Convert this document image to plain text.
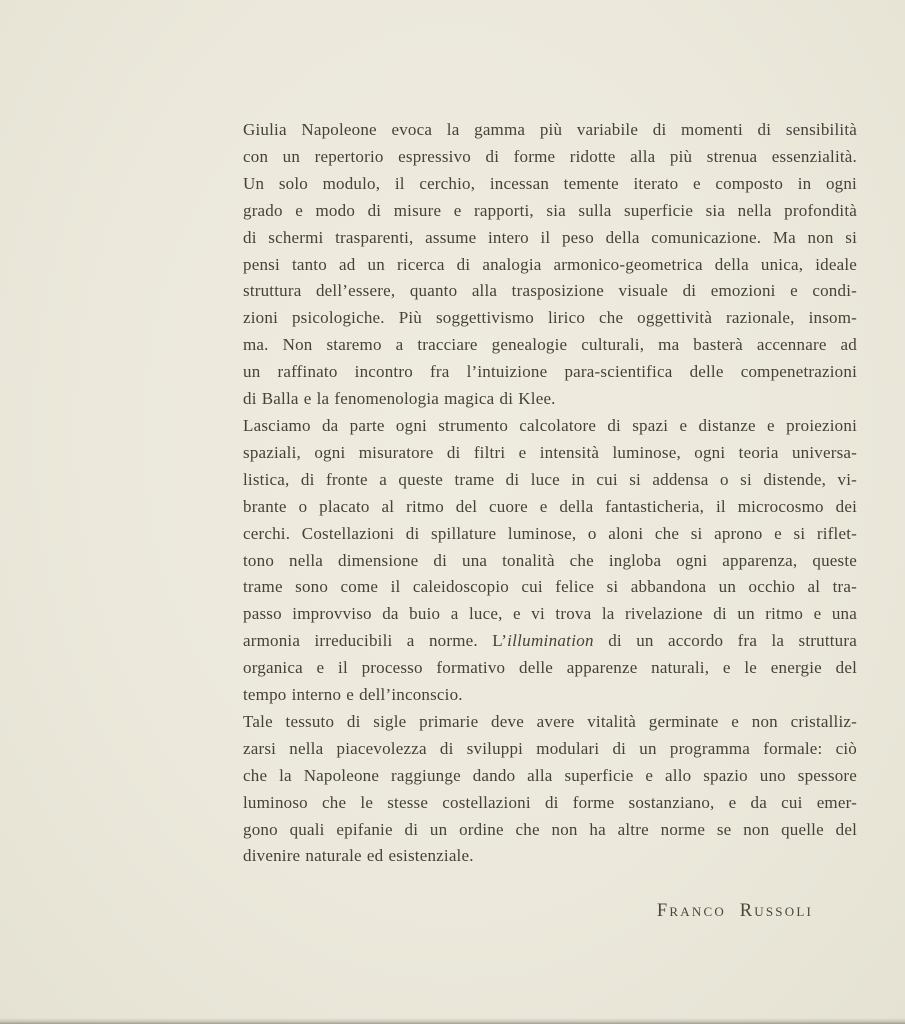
Giulia Napoleone evoca la gamma più variabile di momenti di sensibilità
con un repertorio espressivo di forme ridotte alla più strenua essenzialità.
Un solo modulo, il cerchio, incessan temente iterato e composto in ogni
grado e modo di misure e rapporti, sia sulla superficie sia nella profondità
di schermi trasparenti, assume intero il peso della comunicazione. Ma non si
pensi tanto ad un ricerca di analogia armonico-geometrica della unica, ideale
struttura dell’essere, quanto alla trasposizione visuale di emozioni e condi-
zioni psicologiche. Più soggettivismo lirico che oggettività razionale, insom-
ma. Non staremo a tracciare genealogie culturali, ma basterà accennare ad
un raffinato incontro fra l’intuizione para-scientifica delle compenetrazioni
di Balla e la fenomenologia magica di Klee.
Lasciamo da parte ogni strumento calcolatore di spazi e distanze e proiezioni
spaziali, ogni misuratore di filtri e intensità luminose, ogni teoria universa-
listica, di fronte a queste trame di luce in cui si addensa o si distende, vi-
brante o placato al ritmo del cuore e della fantasticheria, il microcosmo dei
cerchi. Costellazioni di spillature luminose, o aloni che si aprono e si riflet-
tono nella dimensione di una tonalità che ingloba ogni apparenza, queste
trame sono come il caleidoscopio cui felice si abbandona un occhio al tra-
passo improvviso da buio a luce, e vi trova la rivelazione di un ritmo e una
armonia irreducibili a norme. L’illumination di un accordo fra la struttura
organica e il processo formativo delle apparenze naturali, e le energie del
tempo interno e dell’inconscio.
Tale tessuto di sigle primarie deve avere vitalità germinate e non cristalliz-
zarsi nella piacevolezza di sviluppi modulari di un programma formale: ciò
che la Napoleone raggiunge dando alla superficie e allo spazio uno spessore
luminoso che le stesse costellazioni di forme sostanziano, e da cui emer-
gono quali epifanie di un ordine che non ha altre norme se non quelle del
divenire naturale ed esistenziale.
Franco Russoli
